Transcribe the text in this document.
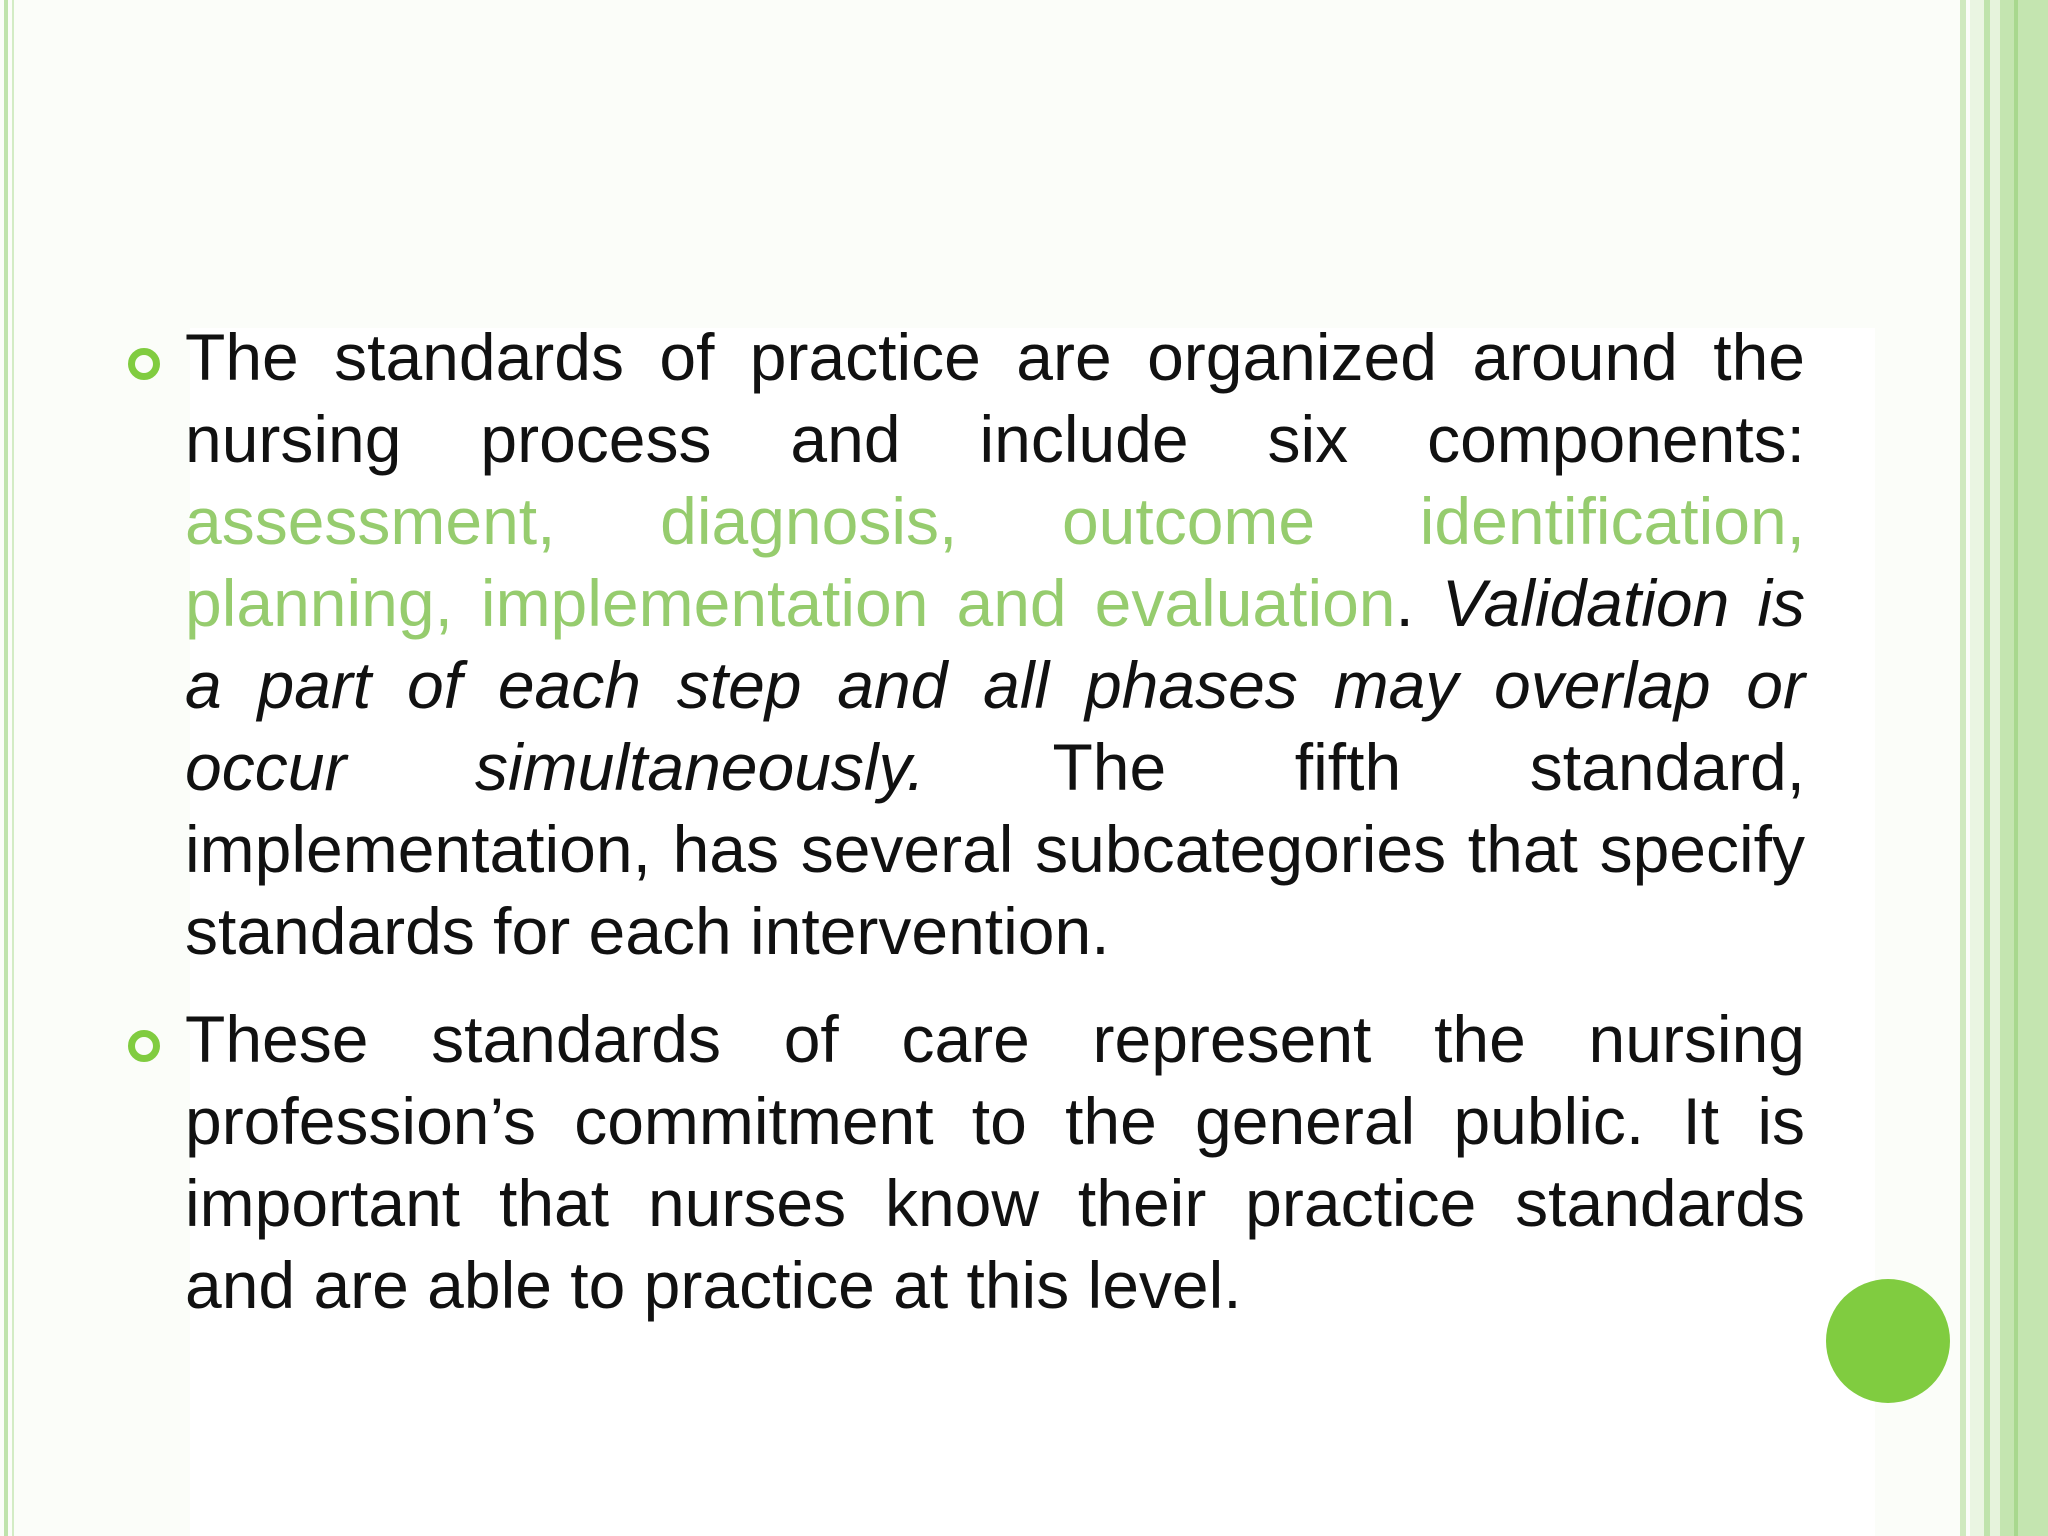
The standards of practice are organized around the nursing process and include six components: assessment, diagnosis, outcome identification, planning, implementation and evaluation. Validation is a part of each step and all phases may overlap or occur simultaneously. The fifth standard, implementation, has several subcategories that specify standards for each intervention.
These standards of care represent the nursing profession’s commitment to the general public. It is important that nurses know their practice standards and are able to practice at this level.
